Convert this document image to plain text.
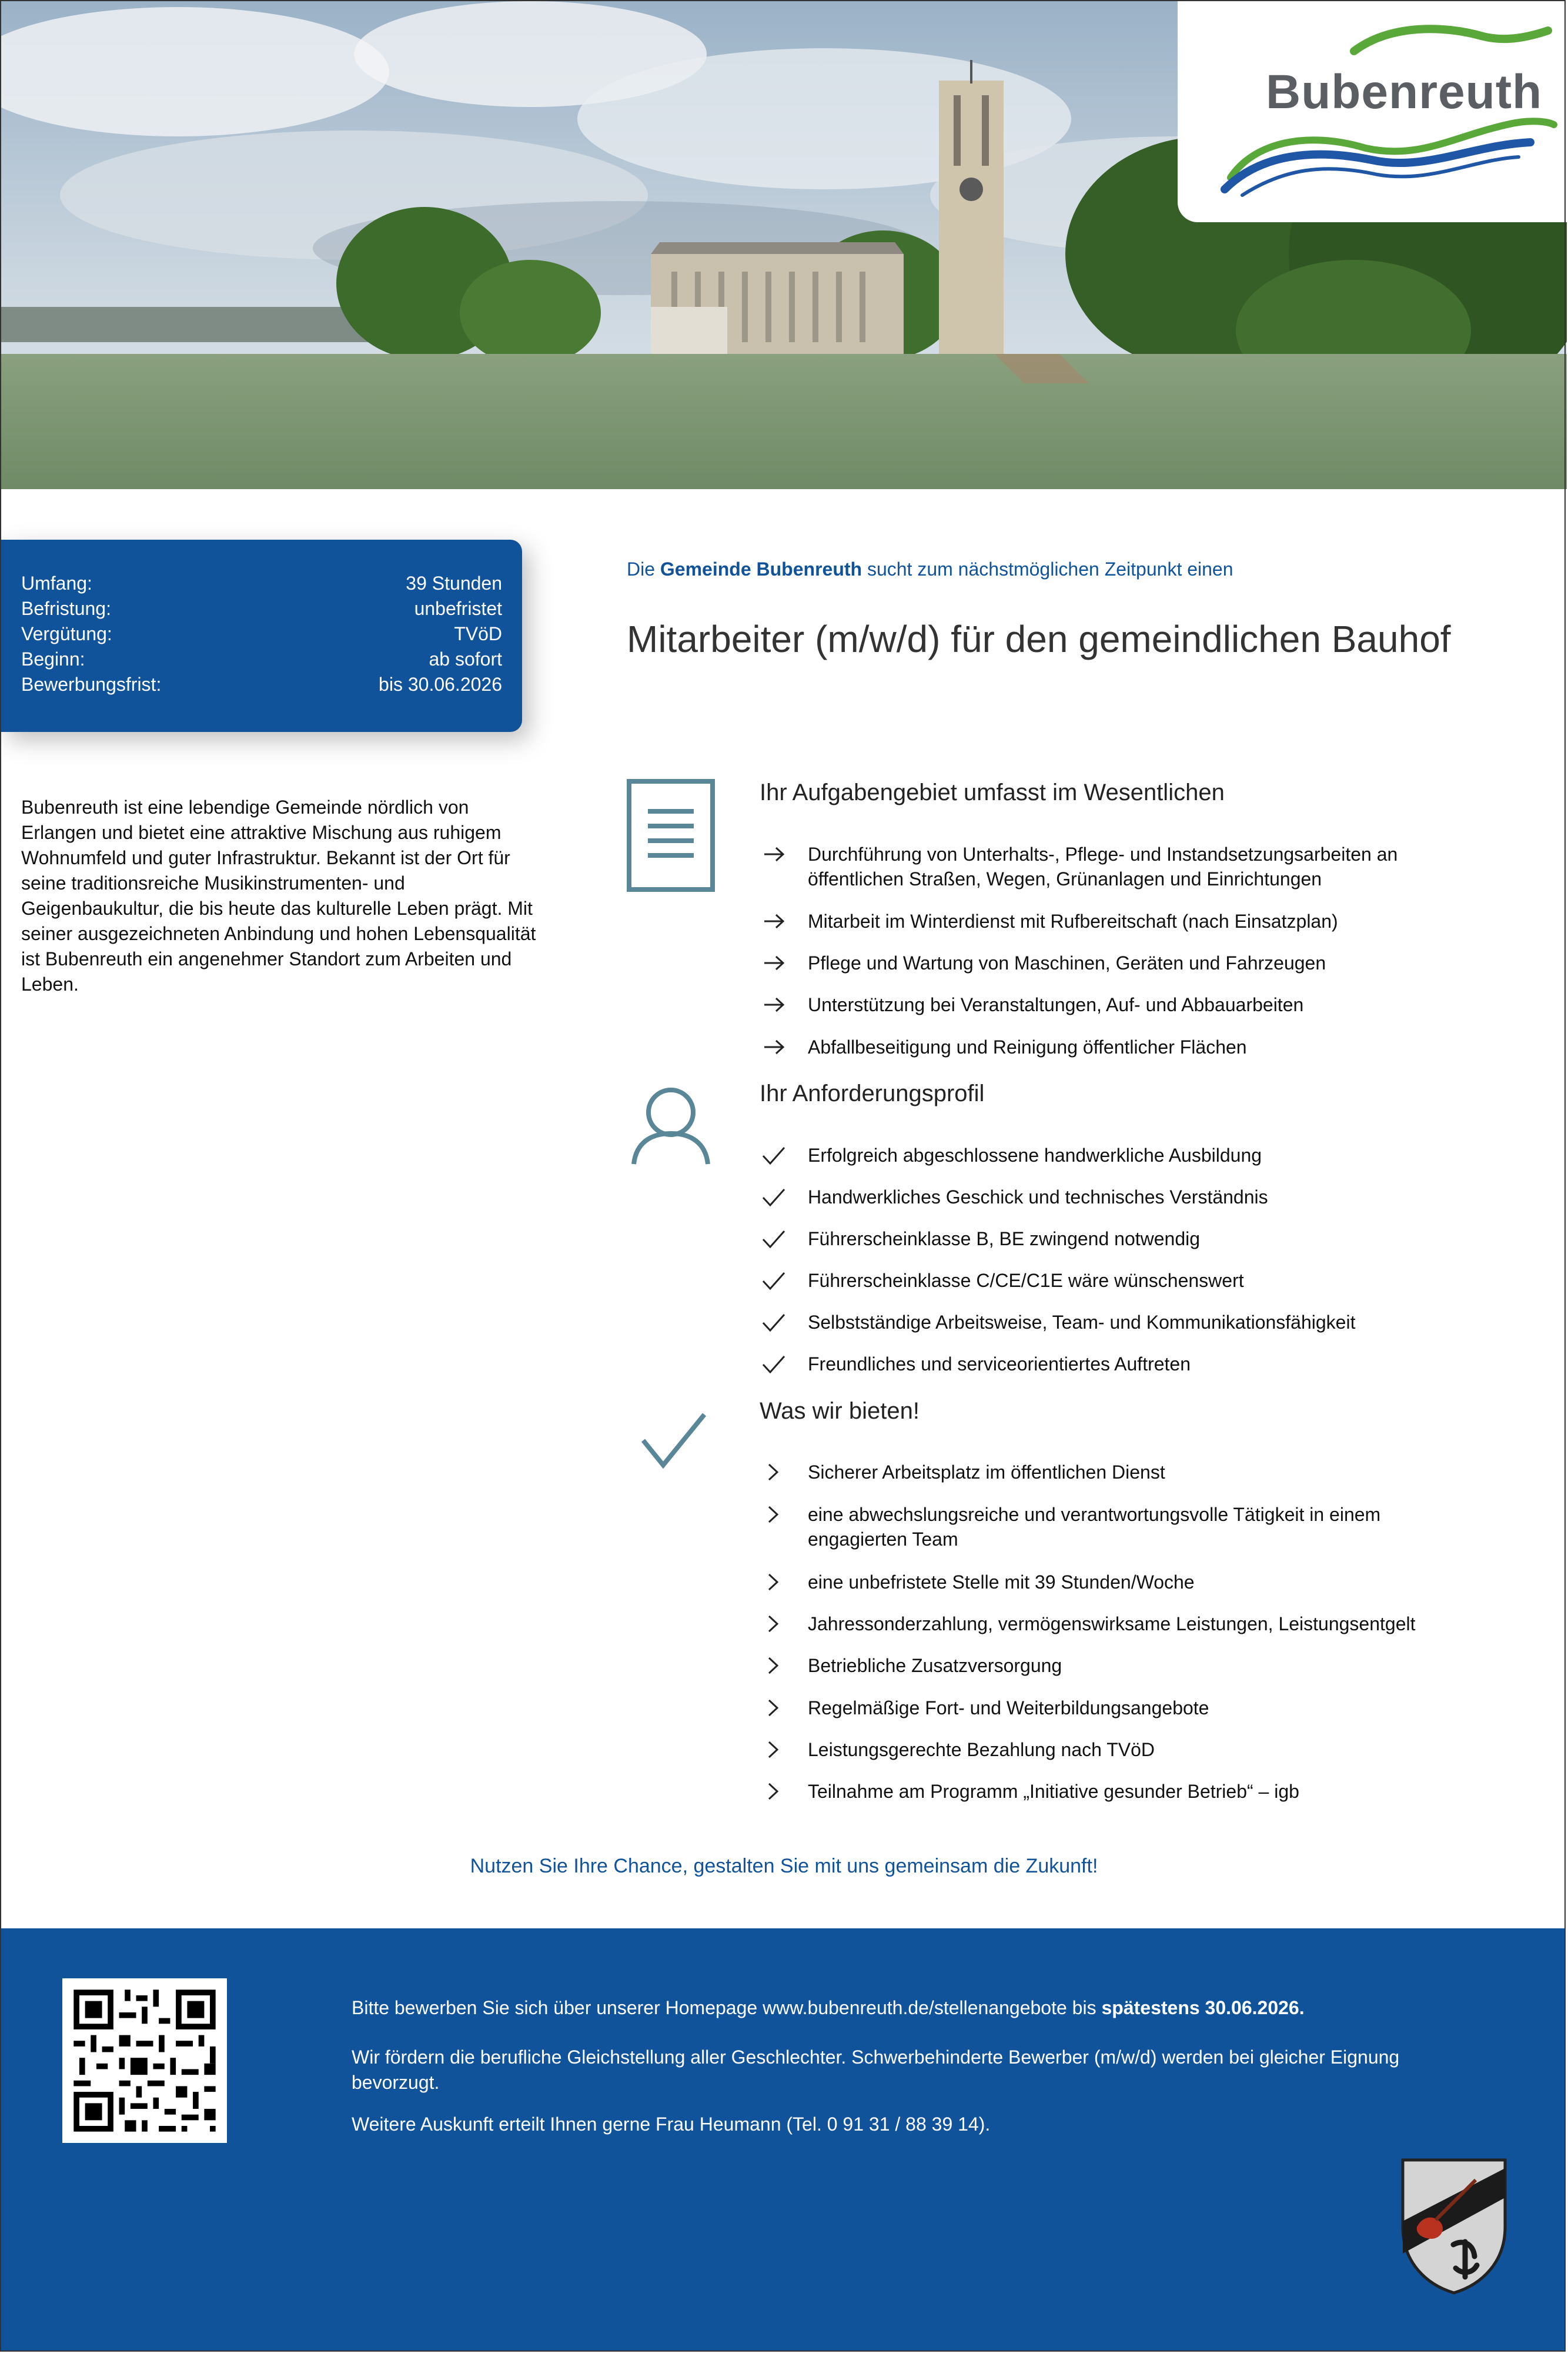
Bubenreuth
Umfang:	39 Stunden
Befristung:	unbefristet
Vergütung:	TVöD
Beginn:	ab sofort
Bewerbungsfrist:	bis 30.06.2026
Bubenreuth ist eine lebendige Gemeinde nördlich von Erlangen und bietet eine attraktive Mischung aus ruhigem Wohnumfeld und guter Infrastruktur. Bekannt ist der Ort für seine traditionsreiche Musikinstrumenten- und Geigenbaukultur, die bis heute das kulturelle Leben prägt. Mit seiner ausgezeichneten Anbindung und hohen Lebensqualität ist Bubenreuth ein angenehmer Standort zum Arbeiten und Leben.
Die Gemeinde Bubenreuth sucht zum nächstmöglichen Zeitpunkt einen
Mitarbeiter (m/w/d) für den gemeindlichen Bauhof
Ihr Aufgabengebiet umfasst im Wesentlichen
Durchführung von Unterhalts-, Pflege- und Instandsetzungsarbeiten an öffentlichen Straßen, Wegen, Grünanlagen und Einrichtungen
Mitarbeit im Winterdienst mit Rufbereitschaft (nach Einsatzplan)
Pflege und Wartung von Maschinen, Geräten und Fahrzeugen
Unterstützung bei Veranstaltungen, Auf- und Abbauarbeiten
Abfallbeseitigung und Reinigung öffentlicher Flächen
Ihr Anforderungsprofil
Erfolgreich abgeschlossene handwerkliche Ausbildung
Handwerkliches Geschick und technisches Verständnis
Führerscheinklasse B, BE zwingend notwendig
Führerscheinklasse C/CE/C1E wäre wünschenswert
Selbstständige Arbeitsweise, Team- und Kommunikationsfähigkeit
Freundliches und serviceorientiertes Auftreten
Was wir bieten!
Sicherer Arbeitsplatz im öffentlichen Dienst
eine abwechslungsreiche und verantwortungsvolle Tätigkeit in einem engagierten Team
eine unbefristete Stelle mit 39 Stunden/Woche
Jahressonderzahlung, vermögenswirksame Leistungen, Leistungsentgelt
Betriebliche Zusatzversorgung
Regelmäßige Fort- und Weiterbildungsangebote
Leistungsgerechte Bezahlung nach TVöD
Teilnahme am Programm „Initiative gesunder Betrieb“ – igb
Nutzen Sie Ihre Chance, gestalten Sie mit uns gemeinsam die Zukunft!
Bitte bewerben Sie sich über unserer Homepage www.bubenreuth.de/stellenangebote bis spätestens 30.06.2026.
Wir fördern die berufliche Gleichstellung aller Geschlechter. Schwerbehinderte Bewerber (m/w/d) werden bei gleicher Eignung bevorzugt.
Weitere Auskunft erteilt Ihnen gerne Frau Heumann (Tel. 0 91 31 / 88 39 14).
